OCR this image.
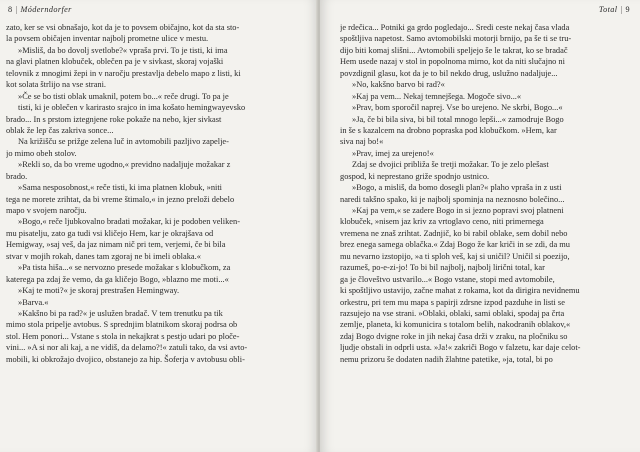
8 | Móderndorfer
zato, ker se vsi obnašajo, kot da je to povsem običajno, kot da sta sto-
la povsem običajen inventar najbolj prometne ulice v mestu.
»Misliš, da bo dovolj svetlobe?« vpraša prvi. To je tisti, ki ima
na glavi platnen klobuček, oblečen pa je v sivkast, skoraj vojaški
telovnik z mnogimi žepi in v naročju prestavlja debelo mapo z listi, ki
kot solata štrlijo na vse strani.
»Če se bo tisti oblak umaknil, potem bo...« reče drugi. To pa je
tisti, ki je oblečen v karirasto srajco in ima košato hemingwayevsko
brado... In s prstom iztegnjene roke pokaže na nebo, kjer sivkast
oblak že lep čas zakriva sonce...
Na križišču se prižge zelena luč in avtomobili pazljivo zapelje-
jo mimo obeh stolov.
»Rekli so, da bo vreme ugodno,« previdno nadaljuje možakar z
brado.
»Sama nesposobnost,« reče tisti, ki ima platnen klobuk, »niti
tega ne morete zrihtat, da bi vreme štimalo,« in jezno preloži debelo
mapo v svojem naročju.
»Bogo,« reče ljubkovalno bradati možakar, ki je podoben veliken-
mu pisatelju, zato ga tudi vsi kličejo Hem, kar je okrajšava od
Hemigway, »saj veš, da jaz nimam nič pri tem, verjemi, če bi bila
stvar v mojih rokah, danes tam zgoraj ne bi imeli oblaka.«
»Pa tista hiša...« se nervozno presede možakar s klobučkom, za
katerega pa zdaj že vemo, da ga kličejo Bogo, »blazno me moti...«
»Kaj te moti?« je skoraj prestrašen Hemingway.
»Barva.«
»Kakšno bi pa rad?« je uslužen bradač. V tem trenutku pa tik
mimo stola pripelje avtobus. S sprednjim blatnikom skoraj podrsa ob
stol. Hem ponori... Vstane s stola in nekajkrat s pestjo udari po ploče-
vini... »A si nor ali kaj, a ne vidiš, da delamo?!« zatuli tako, da vsi avto-
mobili, ki obkrožajo dvojico, obstanejo za hip. Šoferja v avtobusu obli-
Total | 9
je rdečica... Potniki ga grdo pogledajo... Sredi ceste nekaj časa vlada
spoštljiva napetost. Samo avtomobilski motorji brnijo, pa še ti se tru-
dijo biti komaj slišni... Avtomobili speljejo še le takrat, ko se bradač
Hem usede nazaj v stol in popolnoma mirno, kot da niti slučajno ni
povzdignil glasu, kot da je to bil nekdo drug, uslužno nadaljuje...
»No, kakšno barvo bi rad?«
»Kaj pa vem... Nekaj temnejšega. Mogoče sivo...«
»Prav, bom sporočil naprej. Vse bo urejeno. Ne skrbi, Bogo...«
»Ja, če bi bila siva, bi bil total mnogo lepši...« zamodruje Bogo
in še s kazalcem na drobno popraska pod klobučkom. »Hem, kar
siva naj bo!«
»Prav, imej za urejeno!«
Zdaj se dvojici približa še tretji možakar. To je zelo plešast
gospod, ki neprestano griže spodnjo ustnico.
»Bogo, a misliš, da bomo dosegli plan?« plaho vpraša in z usti
naredi takšno spako, ki je najbolj spominja na neznosno bolečino...
»Kaj pa vem,« se zadere Bogo in si jezno popravi svoj platneni
klobuček, »nisem jaz kriv za vrtoglavo ceno, niti primernega
vremena ne znaš zrihtat. Zadnjič, ko bi rabil oblake, sem dobil nebo
brez enega samega oblačka.« Zdaj Bogo že kar kriči in se zdi, da mu
mu nevarno izstopijo, »a ti sploh veš, kaj si uničil? Uničil si poezijo,
razumeš, po-e-zi-jo! To bi bil najbolj, najbolj lirični total, kar
ga je človeštvo ustvarilo...« Bogo vstane, stopi med avtomobile,
ki spoštljivo ustavijo, začne mahat z rokama, kot da dirigira nevidnemu
orkestru, pri tem mu mapa s papirji zdrsne izpod pazduhe in listi se
razsujejo na vse strani. »Oblaki, oblaki, sami oblaki, spodaj pa črta
zemlje, planeta, ki komunicira s totalom belih, nakodranih oblakov,«
zdaj Bogo dvigne roke in jih nekaj časa drži v zraku, na pločniku so
ljudje obstali in odprli usta. »Ja!« zakriči Bogo v falzetu, kar daje celot-
nemu prizoru še dodaten nadih žlahtne patetike, »ja, total, bi po
